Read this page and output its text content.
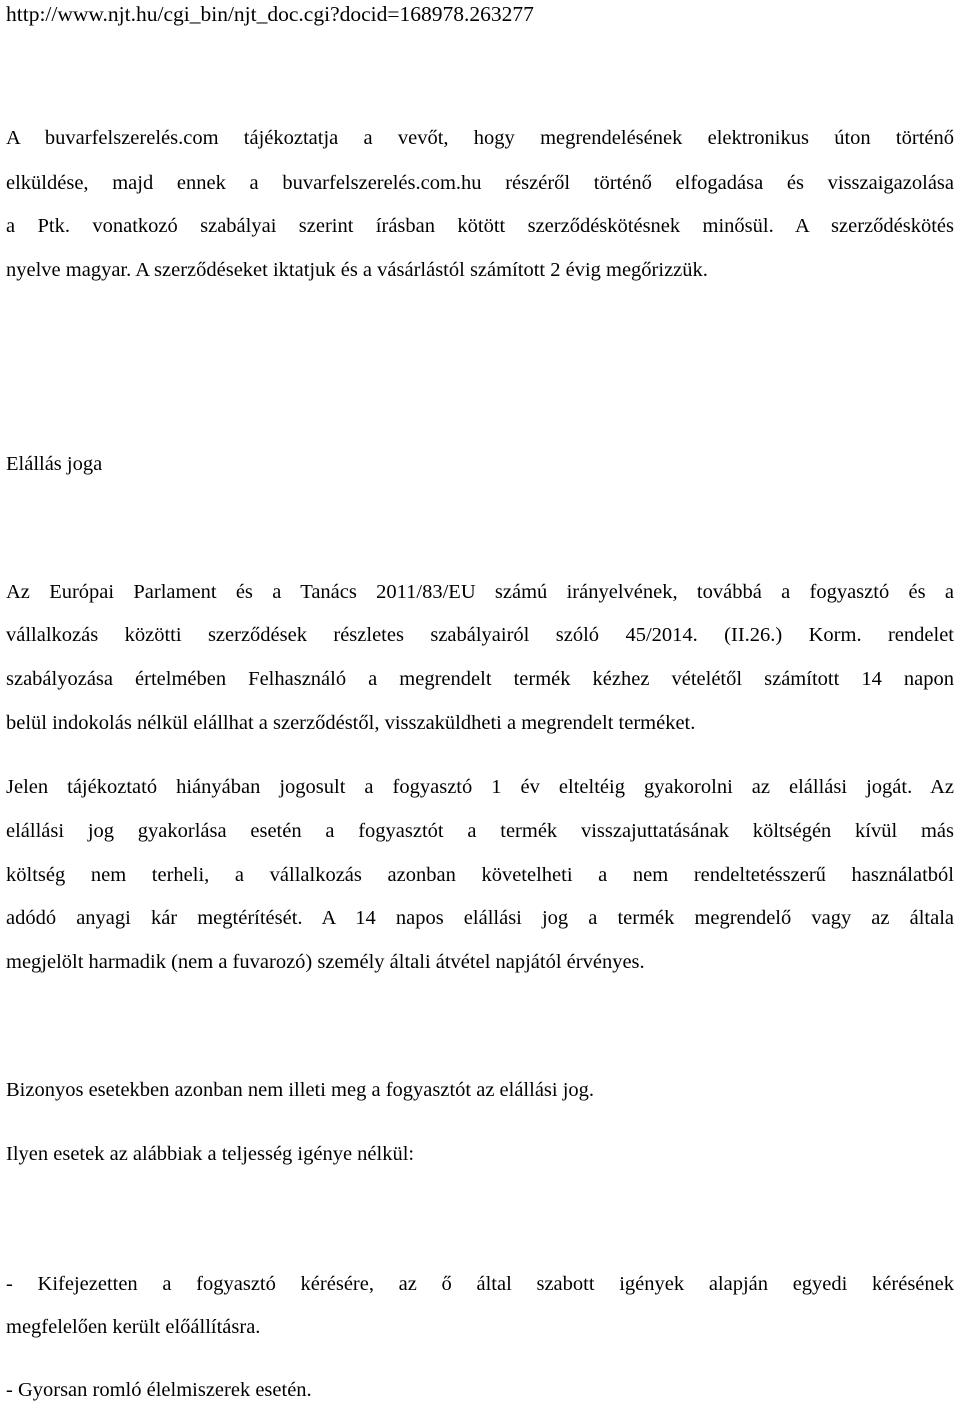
http://www.njt.hu/cgi_bin/njt_doc.cgi?docid=168978.263277
A buvarfelszerelés.com tájékoztatja a vevőt, hogy megrendelésének elektronikus úton történő
elküldése, majd ennek a buvarfelszerelés.com.hu részéről történő elfogadása és visszaigazolása
a Ptk. vonatkozó szabályai szerint írásban kötött szerződéskötésnek minősül. A szerződéskötés
nyelve magyar. A szerződéseket iktatjuk és a vásárlástól számított 2 évig megőrizzük.
Elállás joga
Az Európai Parlament és a Tanács 2011/83/EU számú irányelvének, továbbá a fogyasztó és a
vállalkozás közötti szerződések részletes szabályairól szóló 45/2014. (II.26.) Korm. rendelet
szabályozása értelmében Felhasználó a megrendelt termék kézhez vételétől számított 14 napon
belül indokolás nélkül elállhat a szerződéstől, visszaküldheti a megrendelt terméket.
Jelen tájékoztató hiányában jogosult a fogyasztó 1 év elteltéig gyakorolni az elállási jogát. Az
elállási jog gyakorlása esetén a fogyasztót a termék visszajuttatásának költségén kívül más
költség nem terheli, a vállalkozás azonban követelheti a nem rendeltetésszerű használatból
adódó anyagi kár megtérítését. A 14 napos elállási jog a termék megrendelő vagy az általa
megjelölt harmadik (nem a fuvarozó) személy általi átvétel napjától érvényes.
Bizonyos esetekben azonban nem illeti meg a fogyasztót az elállási jog.
Ilyen esetek az alábbiak a teljesség igénye nélkül:
- Kifejezetten a fogyasztó kérésére, az ő által szabott igények alapján egyedi kérésének
megfelelően került előállításra.
- Gyorsan romló élelmiszerek esetén.
